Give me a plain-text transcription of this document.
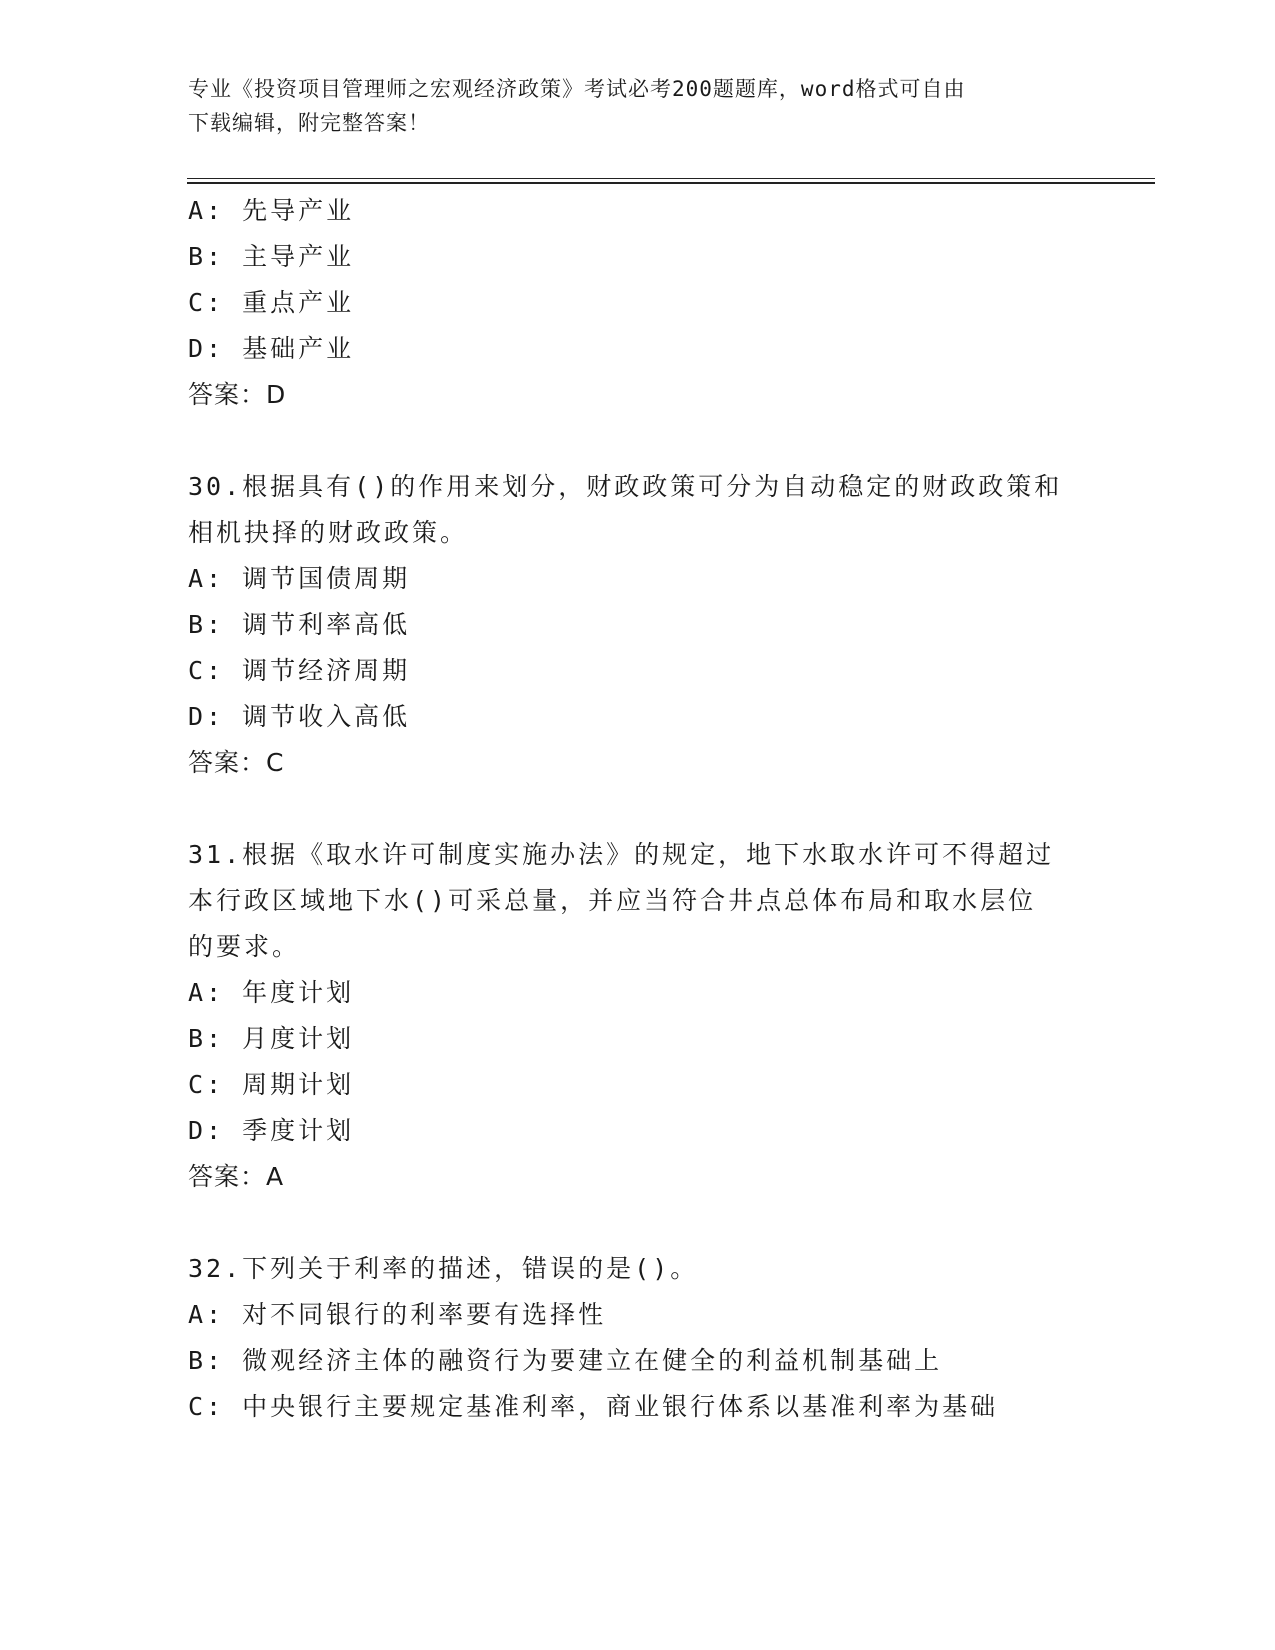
专业《投资项目管理师之宏观经济政策》考试必考200题题库，word格式可自由
下载编辑，附完整答案！
A: 先导产业
B: 主导产业
C: 重点产业
D: 基础产业
答案：D
30.根据具有()的作用来划分，财政政策可分为自动稳定的财政政策和
相机抉择的财政政策。
A: 调节国债周期
B: 调节利率高低
C: 调节经济周期
D: 调节收入高低
答案：C
31.根据《取水许可制度实施办法》的规定，地下水取水许可不得超过
本行政区域地下水()可采总量，并应当符合井点总体布局和取水层位
的要求。
A: 年度计划
B: 月度计划
C: 周期计划
D: 季度计划
答案：A
32.下列关于利率的描述，错误的是()。
A: 对不同银行的利率要有选择性
B: 微观经济主体的融资行为要建立在健全的利益机制基础上
C: 中央银行主要规定基准利率，商业银行体系以基准利率为基础
